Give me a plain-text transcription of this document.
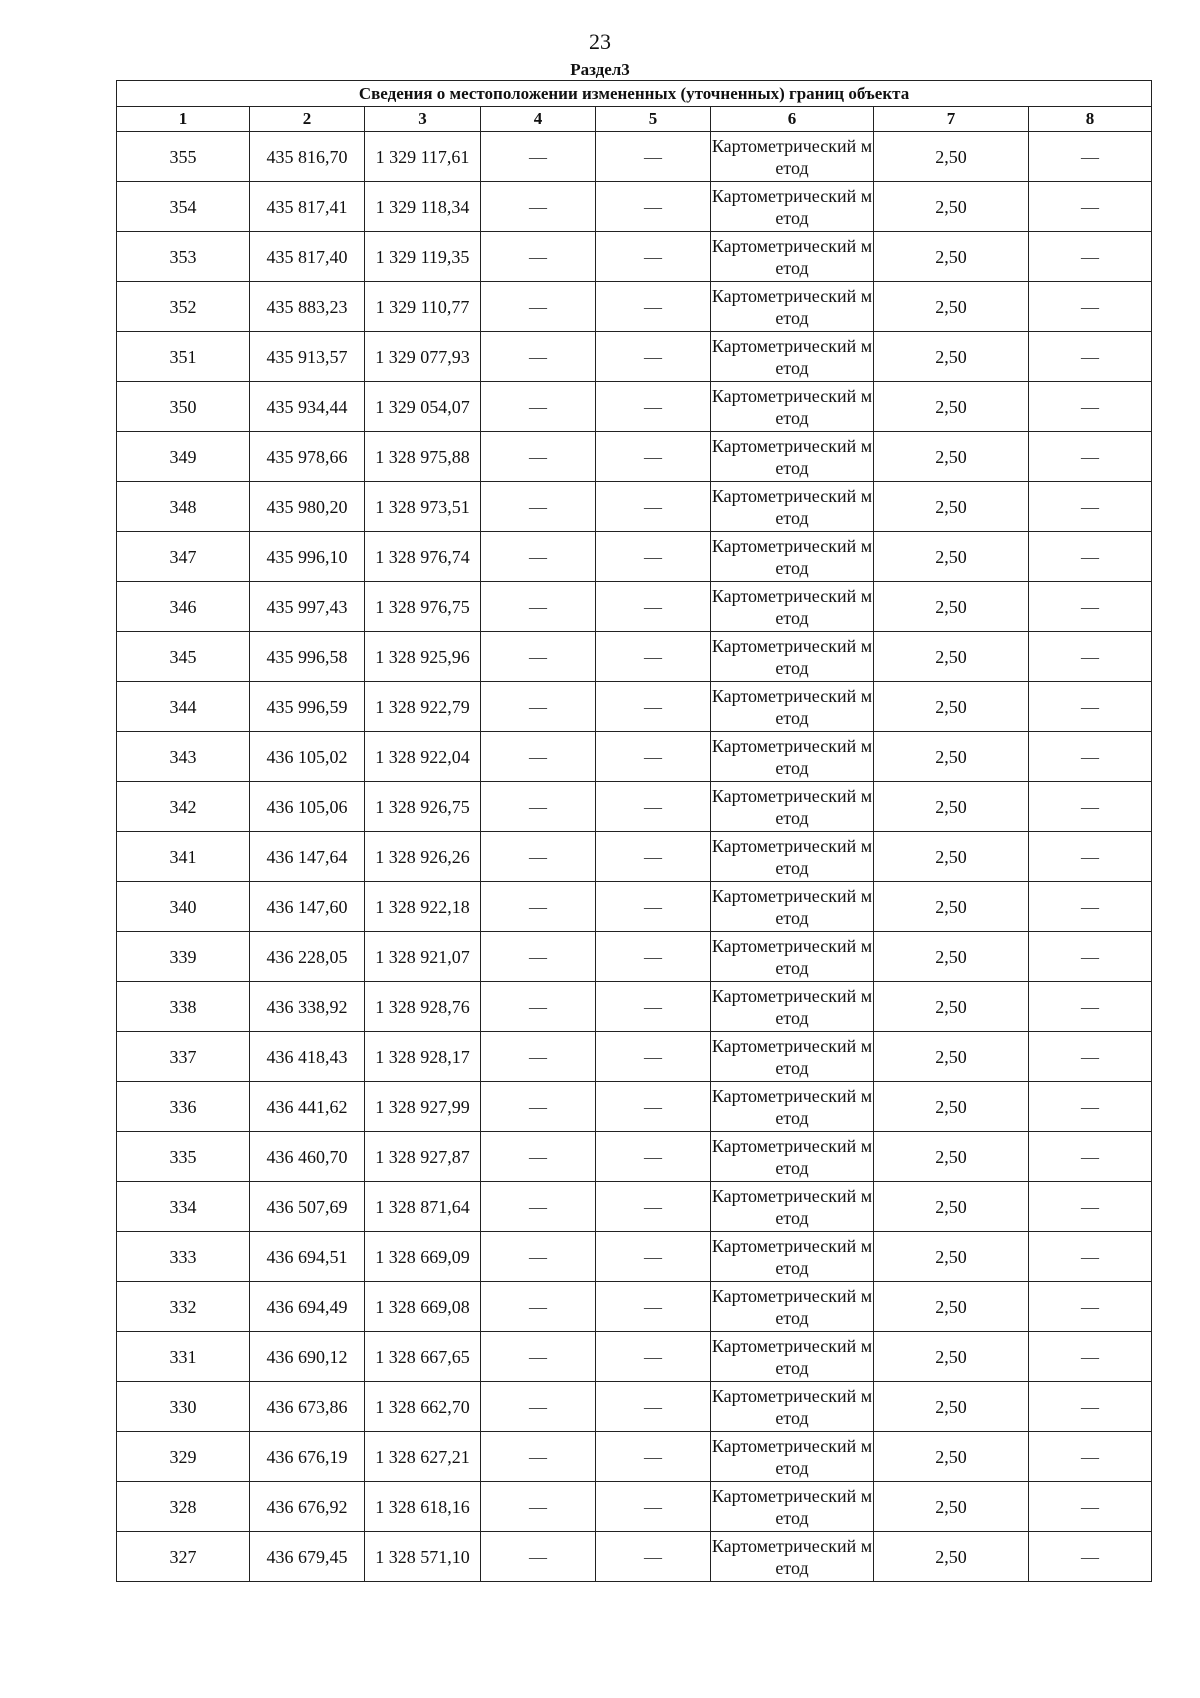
23
Раздел3
Сведения о местоположении измененных (уточненных) границ объекта							
1	2	3	4	5	6	7	8
355	435 816,70	1 329 117,61	—	—	Картометрический метод	2,50	—
354	435 817,41	1 329 118,34	—	—	Картометрический метод	2,50	—
353	435 817,40	1 329 119,35	—	—	Картометрический метод	2,50	—
352	435 883,23	1 329 110,77	—	—	Картометрический метод	2,50	—
351	435 913,57	1 329 077,93	—	—	Картометрический метод	2,50	—
350	435 934,44	1 329 054,07	—	—	Картометрический метод	2,50	—
349	435 978,66	1 328 975,88	—	—	Картометрический метод	2,50	—
348	435 980,20	1 328 973,51	—	—	Картометрический метод	2,50	—
347	435 996,10	1 328 976,74	—	—	Картометрический метод	2,50	—
346	435 997,43	1 328 976,75	—	—	Картометрический метод	2,50	—
345	435 996,58	1 328 925,96	—	—	Картометрический метод	2,50	—
344	435 996,59	1 328 922,79	—	—	Картометрический метод	2,50	—
343	436 105,02	1 328 922,04	—	—	Картометрический метод	2,50	—
342	436 105,06	1 328 926,75	—	—	Картометрический метод	2,50	—
341	436 147,64	1 328 926,26	—	—	Картометрический метод	2,50	—
340	436 147,60	1 328 922,18	—	—	Картометрический метод	2,50	—
339	436 228,05	1 328 921,07	—	—	Картометрический метод	2,50	—
338	436 338,92	1 328 928,76	—	—	Картометрический метод	2,50	—
337	436 418,43	1 328 928,17	—	—	Картометрический метод	2,50	—
336	436 441,62	1 328 927,99	—	—	Картометрический метод	2,50	—
335	436 460,70	1 328 927,87	—	—	Картометрический метод	2,50	—
334	436 507,69	1 328 871,64	—	—	Картометрический метод	2,50	—
333	436 694,51	1 328 669,09	—	—	Картометрический метод	2,50	—
332	436 694,49	1 328 669,08	—	—	Картометрический метод	2,50	—
331	436 690,12	1 328 667,65	—	—	Картометрический метод	2,50	—
330	436 673,86	1 328 662,70	—	—	Картометрический метод	2,50	—
329	436 676,19	1 328 627,21	—	—	Картометрический метод	2,50	—
328	436 676,92	1 328 618,16	—	—	Картометрический метод	2,50	—
327	436 679,45	1 328 571,10	—	—	Картометрический метод	2,50	—
